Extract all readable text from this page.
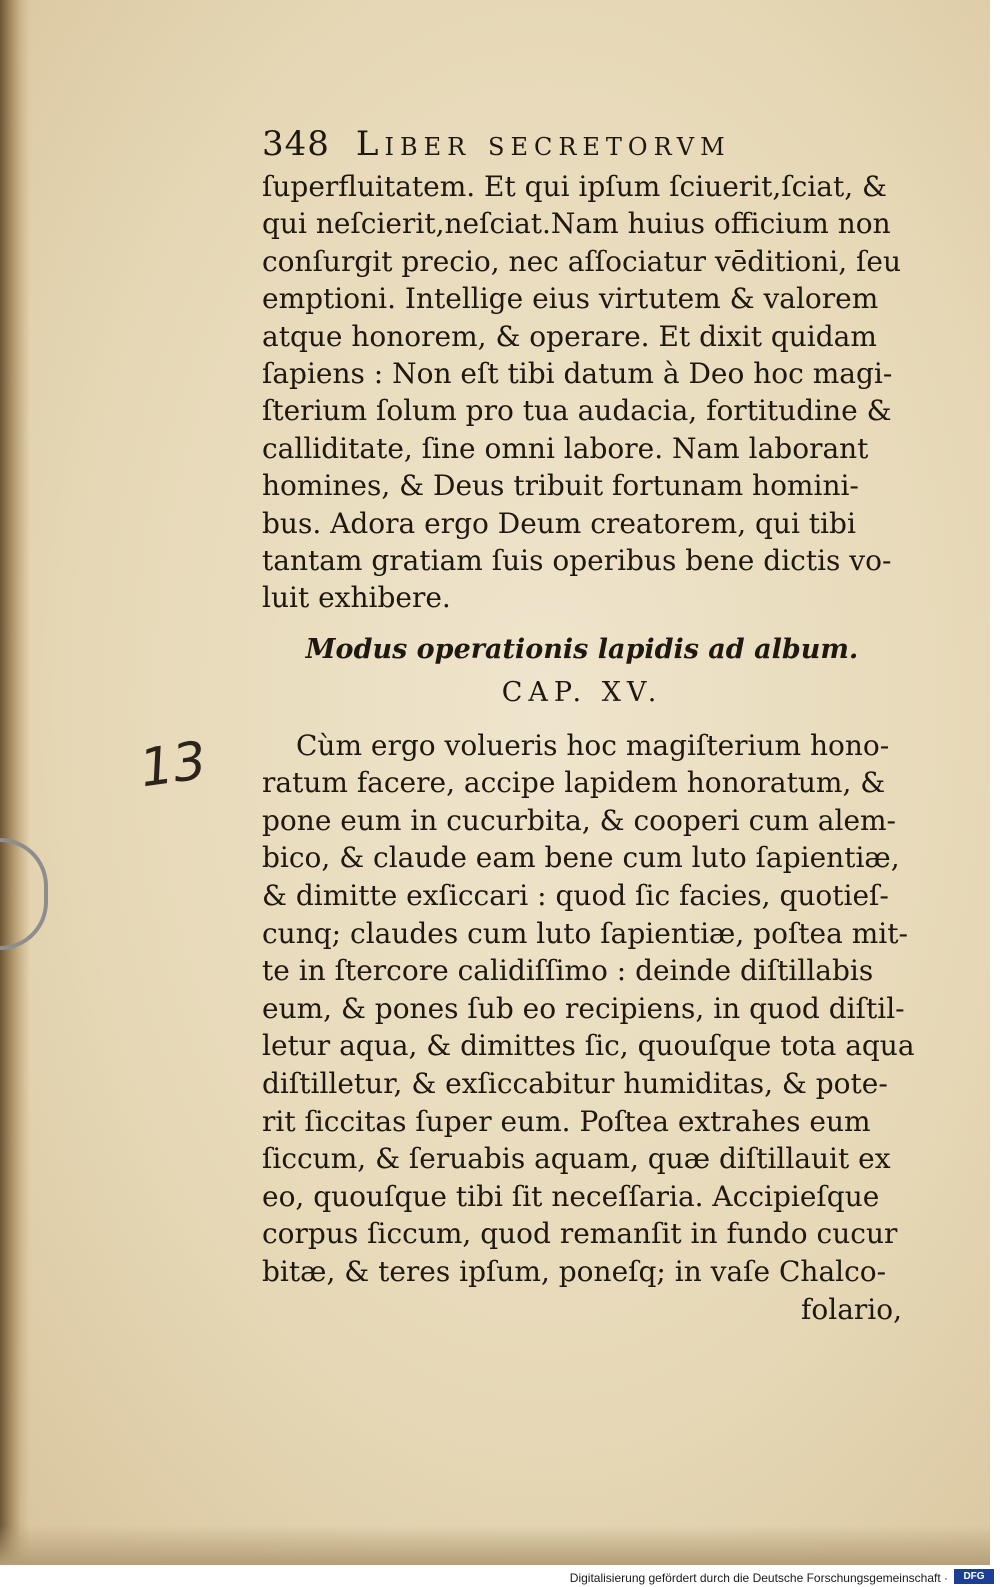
13
348 Liber secretorvm
ſuperfluitatem. Et qui ipſum ſciuerit,ſciat, &
qui neſcierit,neſciat.Nam huius officium non
conſurgit precio, nec aſſociatur vēditioni, ſeu
emptioni. Intellige eius virtutem & valorem
atque honorem, & operare. Et dixit quidam
ſapiens : Non eſt tibi datum à Deo hoc magi-
ſterium ſolum pro tua audacia, fortitudine &
calliditate, ſine omni labore. Nam laborant
homines, & Deus tribuit fortunam homini-
bus. Adora ergo Deum creatorem, qui tibi
tantam gratiam ſuis operibus bene dictis vo-
luit exhibere.
Modus operationis lapidis ad album.
CAP. XV.
Cùm ergo volueris hoc magiſterium hono-
ratum facere, accipe lapidem honoratum, &
pone eum in cucurbita, & cooperi cum alem-
bico, & claude eam bene cum luto ſapientiæ,
& dimitte exſiccari : quod ſic facies, quotieſ-
cunq; claudes cum luto ſapientiæ, poſtea mit-
te in ſtercore calidiſſimo : deinde diſtillabis
eum, & pones ſub eo recipiens, in quod diſtil-
letur aqua, & dimittes ſic, quouſque tota aqua
diſtilletur, & exſiccabitur humiditas, & pote-
rit ſiccitas ſuper eum. Poſtea extrahes eum
ſiccum, & ſeruabis aquam, quæ diſtillauit ex
eo, quouſque tibi ſit neceſſaria. Accipieſque
corpus ſiccum, quod remanſit in fundo cucur
bitæ, & teres ipſum, poneſq; in vaſe Chalco-
folario,
Digitalisierung gefördert durch die Deutsche Forschungsgemeinschaft ·	DFG
